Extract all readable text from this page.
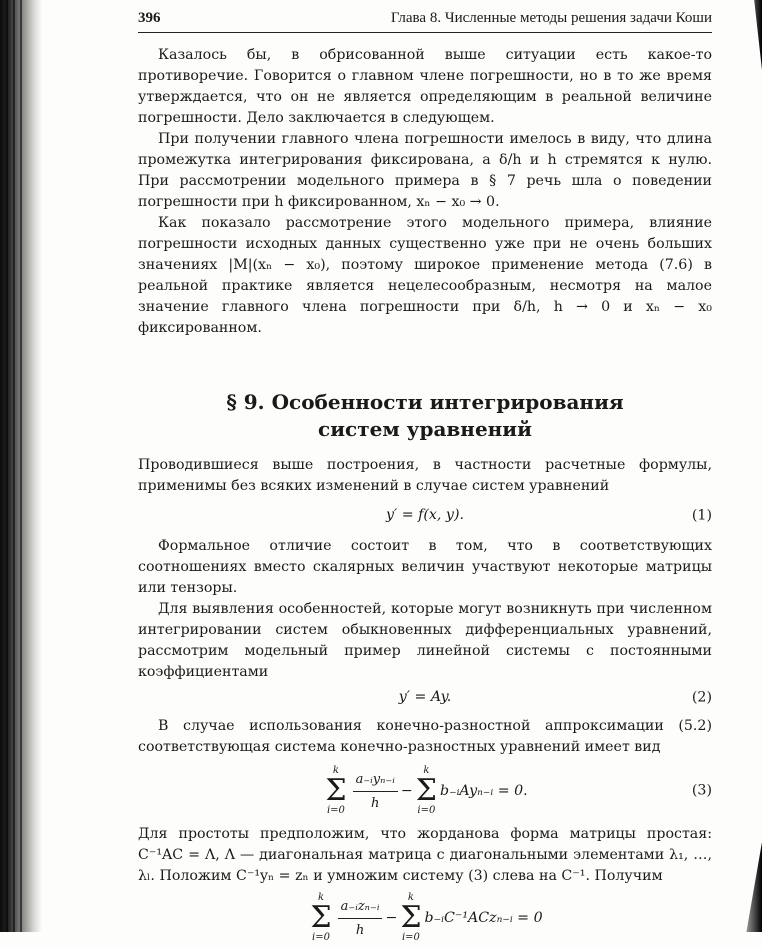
396	Глава 8. Численные методы решения задачи Коши

Казалось бы, в обрисованной выше ситуации есть какое-то противоречие. Говорится о главном члене погрешности, но в то же время утверждается, что он не является определяющим в реальной величине погрешности. Дело заключается в следующем.

При получении главного члена погрешности имелось в виду, что длина промежутка интегрирования фиксирована, а δ/h и h стремятся к нулю. При рассмотрении модельного примера в § 7 речь шла о поведении погрешности при h фиксированном, xₙ − x₀ → 0.

Как показало рассмотрение этого модельного примера, влияние погрешности исходных данных существенно уже при не очень больших значениях |M|(xₙ − x₀), поэтому широкое применение метода (7.6) в реальной практике является нецелесообразным, несмотря на малое значение главного члена погрешности при δ/h, h → 0 и xₙ − x₀ фиксированном.

§ 9. Особенности интегрирования
систем уравнений

Проводившиеся выше построения, в частности расчетные формулы, применимы без всяких изменений в случае систем уравнений

y′ = f(x, y).	(1)

Формальное отличие состоит в том, что в соответствующих соотношениях вместо скалярных величин участвуют некоторые матрицы или тензоры.

Для выявления особенностей, которые могут возникнуть при численном интегрировании систем обыкновенных дифференциальных уравнений, рассмотрим модельный пример линейной системы с постоянными коэффициентами

y′ = Ay.	(2)

В случае использования конечно-разностной аппроксимации (5.2) соответствующая система конечно-разностных уравнений имеет вид

k
Σ
$i=0 \frac{\text{a₋ᵢyₙ₋ᵢ}}{h}$ −
k
Σ
i=0
b₋ᵢAyₙ₋ᵢ = 0.	(3)

Для простоты предположим, что жорданова форма матрицы простая: C⁻¹AC = Λ, Λ — диагональная матрица с диагональными элементами λ₁, …, λₗ. Положим C⁻¹yₙ = zₙ и умножим систему (3) слева на C⁻¹. Получим

k
Σ
$i=0 \frac{\text{a₋ᵢzₙ₋ᵢ}}{h}$ −
k
Σ
i=0
b₋ᵢC⁻¹ACzₙ₋ᵢ = 0
